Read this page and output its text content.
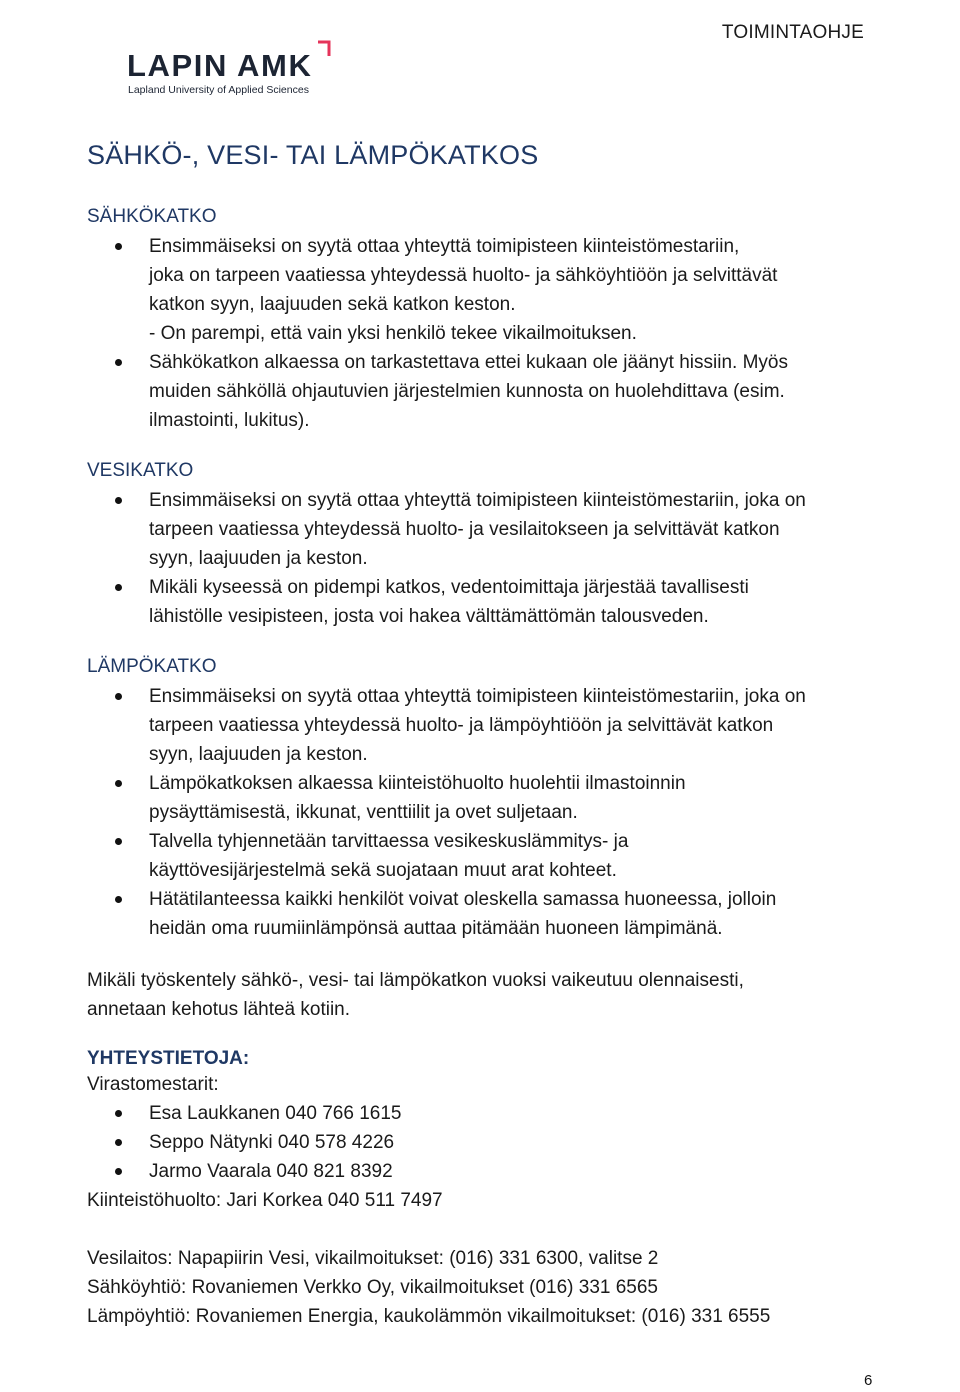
TOIMINTAOHJE
LAPIN AMK
Lapland University of Applied Sciences
SÄHKÖ-, VESI- TAI LÄMPÖKATKOS
SÄHKÖKATKO
Ensimmäiseksi on syytä ottaa yhteyttä toimipisteen kiinteistömestariin,
joka on tarpeen vaatiessa yhteydessä huolto- ja sähköyhtiöön ja selvittävät
katkon syyn, laajuuden sekä katkon keston.
- On parempi, että vain yksi henkilö tekee vikailmoituksen.
Sähkökatkon alkaessa on tarkastettava ettei kukaan ole jäänyt hissiin. Myös
muiden sähköllä ohjautuvien järjestelmien kunnosta on huolehdittava (esim.
ilmastointi, lukitus).
VESIKATKO
Ensimmäiseksi on syytä ottaa yhteyttä toimipisteen kiinteistömestariin, joka on
tarpeen vaatiessa yhteydessä huolto- ja vesilaitokseen ja selvittävät katkon
syyn, laajuuden ja keston.
Mikäli kyseessä on pidempi katkos, vedentoimittaja järjestää tavallisesti
lähistölle vesipisteen, josta voi hakea välttämättömän talousveden.
LÄMPÖKATKO
Ensimmäiseksi on syytä ottaa yhteyttä toimipisteen kiinteistömestariin, joka on
tarpeen vaatiessa yhteydessä huolto- ja lämpöyhtiöön ja selvittävät katkon
syyn, laajuuden ja keston.
Lämpökatkoksen alkaessa kiinteistöhuolto huolehtii ilmastoinnin
pysäyttämisestä, ikkunat, venttiilit ja ovet suljetaan.
Talvella tyhjennetään tarvittaessa vesikeskuslämmitys- ja
käyttövesijärjestelmä sekä suojataan muut arat kohteet.
Hätätilanteessa kaikki henkilöt voivat oleskella samassa huoneessa, jolloin
heidän oma ruumiinlämpönsä auttaa pitämään huoneen lämpimänä.
Mikäli työskentely sähkö-, vesi- tai lämpökatkon vuoksi vaikeutuu olennaisesti,
annetaan kehotus lähteä kotiin.
YHTEYSTIETOJA:
Virastomestarit:
Esa Laukkanen 040 766 1615
Seppo Nätynki 040 578 4226
Jarmo Vaarala 040 821 8392
Kiinteistöhuolto: Jari Korkea 040 511 7497
Vesilaitos: Napapiirin Vesi, vikailmoitukset: (016) 331 6300, valitse 2
Sähköyhtiö: Rovaniemen Verkko Oy, vikailmoitukset (016) 331 6565
Lämpöyhtiö: Rovaniemen Energia, kaukolämmön vikailmoitukset: (016) 331 6555
6
